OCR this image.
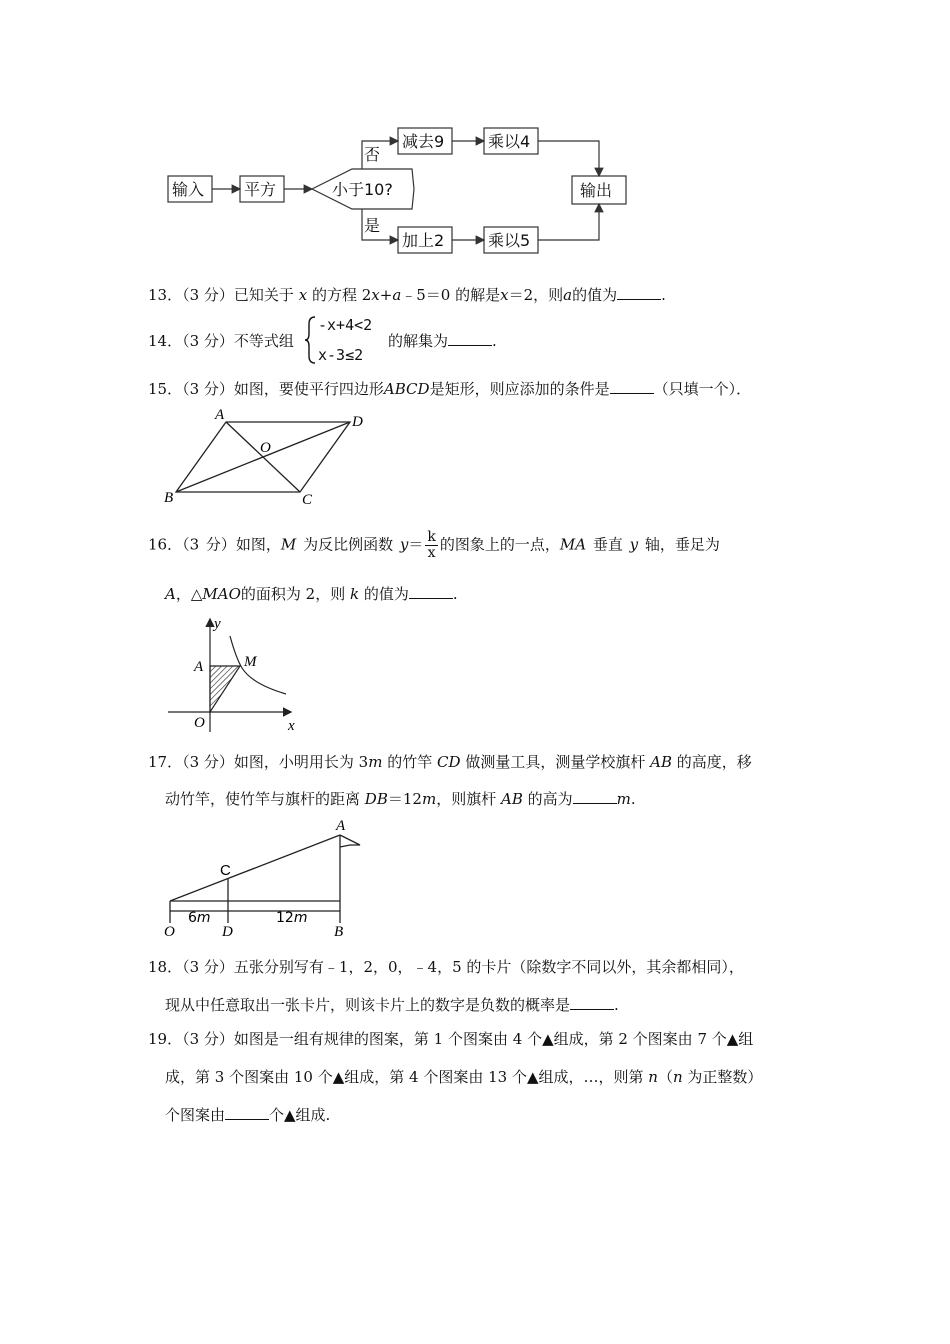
输入 平方	小于10?
否
是
减去9	乘以4
加上2	乘以5
输出
13．（3 分）已知关于 x 的方程 2x+a﹣5＝0 的解是x＝2，则a的值为	.
14．（3 分）不等式组
-x+4<2
x-3≤2
的解集为	.
15．（3 分）如图，要使平行四边形ABCD是矩形，则应添加的条件是	（只填一个）．
A	D
O
B	C
16．（3 分）如图，M 为反比例函数 $y= \frac{k}{x}$ 的图象上的一点，MA 垂直 y 轴，垂足为
A，△MAO的面积为 2，则 k 的值为	.
y
A	M
O	x
17．（3 分）如图，小明用长为 3m 的竹竿 CD 做测量工具，测量学校旗杆 AB 的高度，移
动竹竿，使竹竿与旗杆的距离 DB＝12m，则旗杆 AB 的高为	m.
A
C
6m	12m
O	D	B
18．（3 分）五张分别写有﹣1，2，0，﹣4，5 的卡片（除数字不同以外，其余都相同），
现从中任意取出一张卡片，则该卡片上的数字是负数的概率是	.
19．（3 分）如图是一组有规律的图案，第 1 个图案由 4 个▲组成，第 2 个图案由 7 个▲组
成，第 3 个图案由 10 个▲组成，第 4 个图案由 13 个▲组成，…，则第 n（n 为正整数）
个图案由	个▲组成.
